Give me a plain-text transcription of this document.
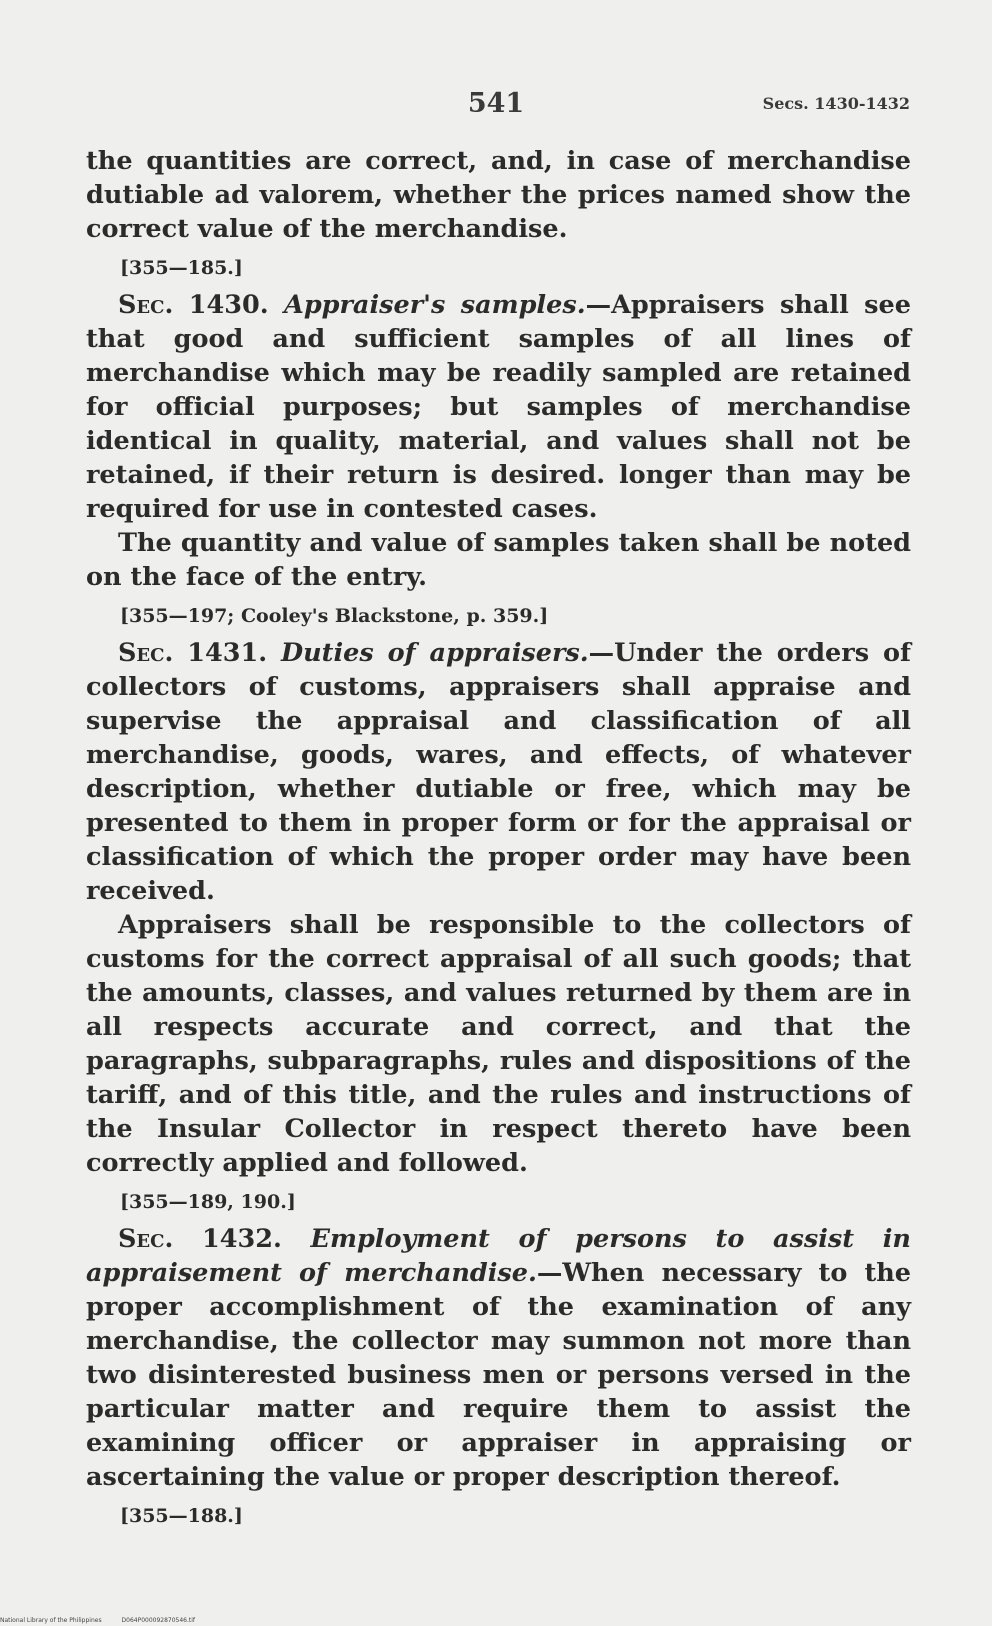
541	Secs. 1430-1432

the quantities are correct, and, in case of merchandise dutiable ad valorem, whether the prices named show the correct value of the merchandise.

[355—185.]

Sec. 1430. Appraiser's samples.—Appraisers shall see that good and sufficient samples of all lines of merchandise which may be readily sampled are retained for official purposes; but samples of merchandise identical in quality, material, and values shall not be retained, if their return is desired. longer than may be required for use in contested cases.

The quantity and value of samples taken shall be noted on the face of the entry.

[355—197; Cooley's Blackstone, p. 359.]

Sec. 1431. Duties of appraisers.—Under the orders of collectors of customs, appraisers shall appraise and supervise the appraisal and classification of all merchandise, goods, wares, and effects, of whatever description, whether dutiable or free, which may be presented to them in proper form or for the appraisal or classification of which the proper order may have been received.

Appraisers shall be responsible to the collectors of customs for the correct appraisal of all such goods; that the amounts, classes, and values returned by them are in all respects accurate and correct, and that the paragraphs, subparagraphs, rules and dispositions of the tariff, and of this title, and the rules and instructions of the Insular Collector in respect thereto have been correctly applied and followed.

[355—189, 190.]

Sec. 1432. Employment of persons to assist in appraisement of merchandise.—When necessary to the proper accomplishment of the examination of any merchandise, the collector may summon not more than two disinterested business men or persons versed in the particular matter and require them to assist the examining officer or appraiser in appraising or ascertaining the value or proper description thereof.

[355—188.]
National Library of the Philippines	D064P000092870546.tif
